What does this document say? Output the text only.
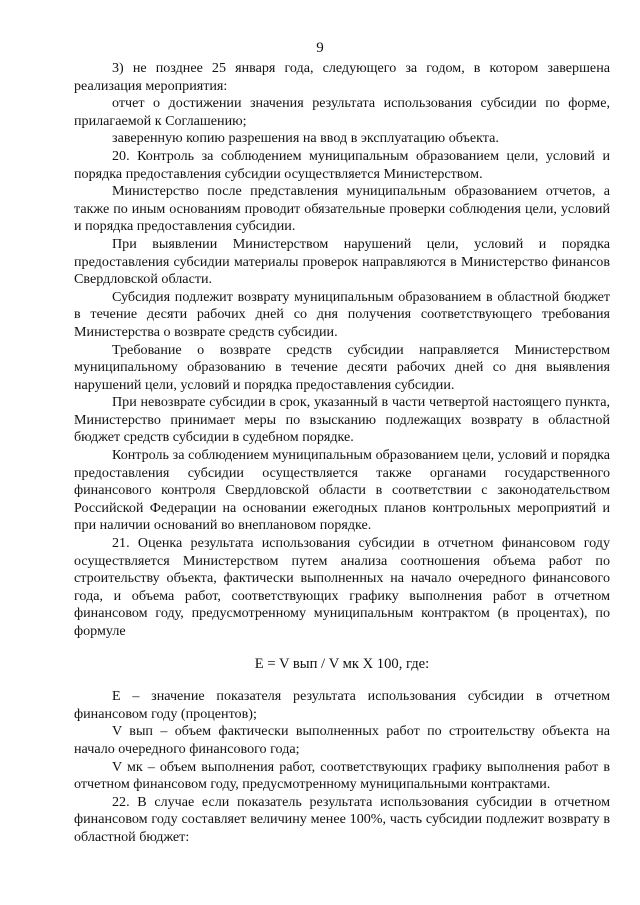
9

3) не позднее 25 января года, следующего за годом, в котором завершена реализация мероприятия:

отчет о достижении значения результата использования субсидии по форме, прилагаемой к Соглашению;

заверенную копию разрешения на ввод в эксплуатацию объекта.

20. Контроль за соблюдением муниципальным образованием цели, условий и порядка предоставления субсидии осуществляется Министерством.

Министерство после представления муниципальным образованием отчетов, а также по иным основаниям проводит обязательные проверки соблюдения цели, условий и порядка предоставления субсидии.

При выявлении Министерством нарушений цели, условий и порядка предоставления субсидии материалы проверок направляются в Министерство финансов Свердловской области.

Субсидия подлежит возврату муниципальным образованием в областной бюджет в течение десяти рабочих дней со дня получения соответствующего требования Министерства о возврате средств субсидии.

Требование о возврате средств субсидии направляется Министерством муниципальному образованию в течение десяти рабочих дней со дня выявления нарушений цели, условий и порядка предоставления субсидии.

При невозврате субсидии в срок, указанный в части четвертой настоящего пункта, Министерство принимает меры по взысканию подлежащих возврату в областной бюджет средств субсидии в судебном порядке.

Контроль за соблюдением муниципальным образованием цели, условий и порядка предоставления субсидии осуществляется также органами государственного финансового контроля Свердловской области в соответствии с законодательством Российской Федерации на основании ежегодных планов контрольных мероприятий и при наличии оснований во внеплановом порядке.

21. Оценка результата использования субсидии в отчетном финансовом году осуществляется Министерством путем анализа соотношения объема работ по строительству объекта, фактически выполненных на начало очередного финансового года, и объема работ, соответствующих графику выполнения работ в отчетном финансовом году, предусмотренному муниципальным контрактом (в процентах), по формуле

E = V вып / V мк X 100, где:

E – значение показателя результата использования субсидии в отчетном финансовом году (процентов);

V вып – объем фактически выполненных работ по строительству объекта на начало очередного финансового года;

V мк – объем выполнения работ, соответствующих графику выполнения работ в отчетном финансовом году, предусмотренному муниципальными контрактами.

22. В случае если показатель результата использования субсидии в отчетном финансовом году составляет величину менее 100%, часть субсидии подлежит возврату в областной бюджет:
